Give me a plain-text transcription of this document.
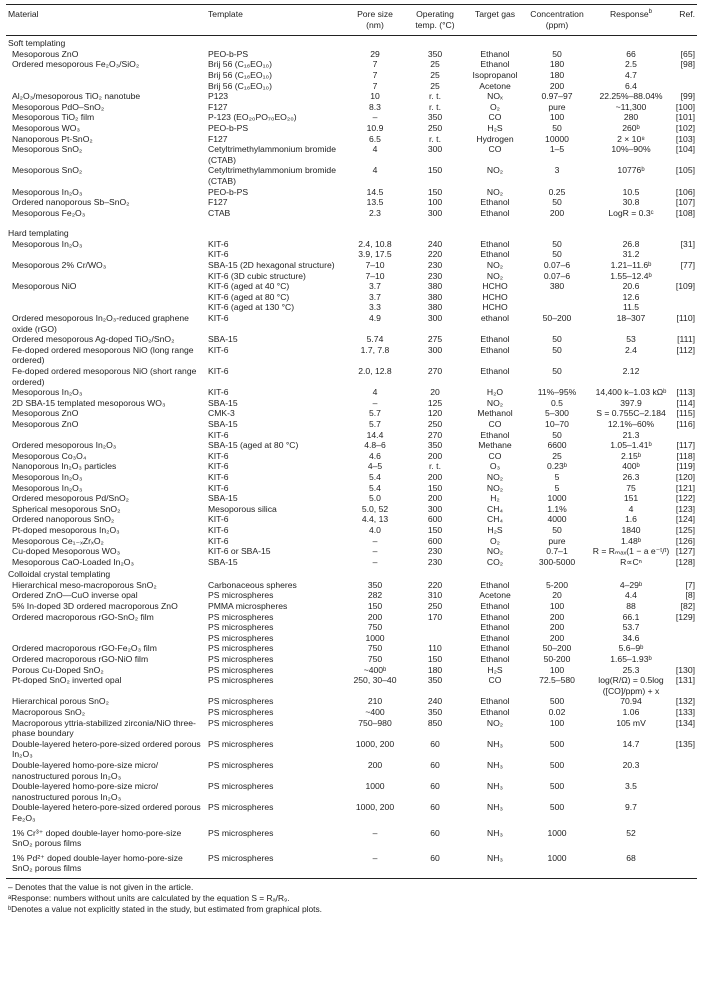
Material	Template	Pore size (nm)	Operating temp. (°C)	Target gas	Concentration (ppm)	Response$^b$	Ref.
Soft templating							
Mesoporous ZnO	PEO-b-PS	29	350	Ethanol	50	66	[65]
Ordered mesoporous Fe₂O₃/SiO₂	Brij 56 (C₁₆EO₁₀)	7	25	Ethanol	180	2.5	[98]
	Brij 56 (C₁₆EO₁₀)	7	25	Isopropanol	180	4.7	
	Brij 56 (C₁₆EO₁₀)	7	25	Acetone	200	6.4	
Al₂O₃/mesoporous TiO₂ nanotube	P123	10	r. t.	NOₓ	0.97–97	22.25%–88.04%	[99]
Mesoporous PdO–SnO₂	F127	8.3	r. t.	O₂	pure	~11,300	[100]
Mesoporous TiO₂ film	P-123 (EO₂₀PO₇₀EO₂₀)	–	350	CO	100	280	[101]
Mesoporous WO₃	PEO-b-PS	10.9	250	H₂S	50	260ᵇ	[102]
Nanoporous Pt-SnO₂	F127	6.5	r. t.	Hydrogen	10000	2 × 10⁸	[103]
Mesoporous SnO₂	Cetyltrimethylammonium bromide (CTAB)	4	300	CO	1–5	10%–90%	[104]
Mesoporous SnO₂	Cetyltrimethylammonium bromide (CTAB)	4	150	NO₂	3	10776ᵇ	[105]
Mesoporous In₂O₃	PEO-b-PS	14.5	150	NO₂	0.25	10.5	[106]
Ordered nanoporous Sb–SnO₂	F127	13.5	100	Ethanol	50	30.8	[107]
Mesoporous Fe₂O₃	CTAB	2.3	300	Ethanol	200	LogR = 0.3ᶜ	[108]
Hard templating							
Mesoporous In₂O₃	KIT-6	2.4, 10.8	240	Ethanol	50	26.8	[31]
	KIT-6	3.9, 17.5	220	Ethanol	50	31.2	
Mesoporous 2% Cr/WO₃	SBA-15 (2D hexagonal structure)	7–10	230	NO₂	0.07–6	1.21–11.6ᵇ	[77]
	KIT-6 (3D cubic structure)	7–10	230	NO₂	0.07–6	1.55–12.4ᵇ	
Mesoporous NiO	KIT-6 (aged at 40 °C)	3.7	380	HCHO	380	20.6	[109]
	KIT-6 (aged at 80 °C)	3.7	380	HCHO		12.6	
	KIT-6 (aged at 130 °C)	3.3	380	HCHO		11.5	
Ordered mesoporous In₂O₃-reduced graphene oxide (rGO)	KIT-6	4.9	300	ethanol	50–200	18–307	[110]
Ordered mesoporous Ag-doped TiO₂/SnO₂	SBA-15	5.74	275	Ethanol	50	53	[111]
Fe-doped ordered mesoporous NiO (long range ordered)	KIT-6	1.7, 7.8	300	Ethanol	50	2.4	[112]
Fe-doped ordered mesoporous NiO (short range ordered)	KIT-6	2.0, 12.8	270	Ethanol	50	2.12	
Mesoporous In₂O₃	KIT-6	4	20	H₂O	11%–95%	14,400 k–1.03 kΩᵇ	[113]
2D SBA-15 templated mesoporous WO₃	SBA-15	–	125	NO₂	0.5	397.9	[114]
Mesoporous ZnO	CMK-3	5.7	120	Methanol	5–300	S = 0.755C–2.184	[115]
Mesoporous ZnO	SBA-15	5.7	250	CO	10–70	12.1%–60%	[116]
	KIT-6	14.4	270	Ethanol	50	21.3	
Ordered mesoporous In₂O₃	SBA-15 (aged at 80 °C)	4.8–6	350	Methane	6600	1.05–1.41ᵇ	[117]
Mesoporous Co₃O₄	KIT-6	4.6	200	CO	25	2.15ᵇ	[118]
Nanoporous In₂O₃ particles	KIT-6	4–5	r. t.	O₃	0.23ᵇ	400ᵇ	[119]
Mesoporous In₂O₃	KIT-6	5.4	200	NO₂	5	26.3	[120]
Mesoporous In₂O₃	KIT-6	5.4	150	NO₂	5	75	[121]
Ordered mesoporous Pd/SnO₂	SBA-15	5.0	200	H₂	1000	151	[122]
Spherical mesoporous SnO₂	Mesoporous silica	5.0, 52	300	CH₄	1.1%	4	[123]
Ordered nanoporous SnO₂	KIT-6	4.4, 13	600	CH₄	4000	1.6	[124]
Pt-doped mesoporous In₂O₃	KIT-6	4.0	150	H₂S	50	1840	[125]
Mesoporous Ce₁₋ₓZrₓO₂	KIT-6	–	600	O₂	pure	1.48ᵇ	[126]
Cu-doped Mesoporous WO₃	KIT-6 or SBA-15	–	230	NO₂	0.7–1	R = Rₘₐₓ(1 − a e⁻ᵗ/ᵗ)	[127]
Mesoporous CaO-Loaded In₂O₃	SBA-15	–	230	CO₂	300-5000	R∝Cⁿ	[128]
Colloidal crystal templating							
Hierarchical meso-macroporous SnO₂	Carbonaceous spheres	350	220	Ethanol	5-200	4–29ᵇ	[7]
Ordered ZnO—CuO inverse opal	PS microspheres	282	310	Acetone	20	4.4	[8]
5% In-doped 3D ordered macroporous ZnO	PMMA microspheres	150	250	Ethanol	100	88	[82]
Ordered macroporous rGO-SnO₂ film	PS microspheres	200	170	Ethanol	200	66.1	[129]
	PS microspheres	750		Ethanol	200	53.7	
	PS microspheres	1000		Ethanol	200	34.6	
Ordered macroporous rGO-Fe₂O₃ film	PS microspheres	750	110	Ethanol	50–200	5.6–9ᵇ	
Ordered macroporous rGO-NiO film	PS microspheres	750	150	Ethanol	50-200	1.65–1.93ᵇ	
Porous Cu-Doped SnO₂	PS microspheres	~400ᵇ	180	H₂S	100	25.3	[130]
Pt-doped SnO₂ inverted opal	PS microspheres	250, 30–40	350	CO	72.5–580	log(R/Ω) = 0.5log ([CO]/ppm) + x	[131]
Hierarchical porous SnO₂	PS microspheres	210	240	Ethanol	500	70.94	[132]
Macroporous SnO₂	PS microspheres	~400	350	Ethanol	0.02	1.06	[133]
Macroporous yttria-stabilized zirconia/NiO three-phase boundary	PS microspheres	750–980	850	NO₂	100	105 mV	[134]
Double-layered hetero-pore-sized ordered porous In₂O₃	PS microspheres	1000, 200	60	NH₃	500	14.7	[135]
Double-layered homo-pore-size micro/ nanostructured porous In₂O₃	PS microspheres	200	60	NH₃	500	20.3	
Double-layered homo-pore-size micro/ nanostructured porous In₂O₃	PS microspheres	1000	60	NH₃	500	3.5	
Double-layered hetero-pore-sized ordered porous Fe₂O₃	PS microspheres	1000, 200	60	NH₃	500	9.7	
1% Cr³⁺ doped double-layer homo-pore-size SnO₂ porous films	PS microspheres	–	60	NH₃	1000	52	
1% Pd²⁺ doped double-layer homo-pore-size SnO₂ porous films	PS microspheres	–	60	NH₃	1000	68	
– Denotes that the value is not given in the article.
ᵃResponse: numbers without units are calculated by the equation S = Rₐ/R₉.
ᵇDenotes a value not explicitly stated in the study, but estimated from graphical plots.
